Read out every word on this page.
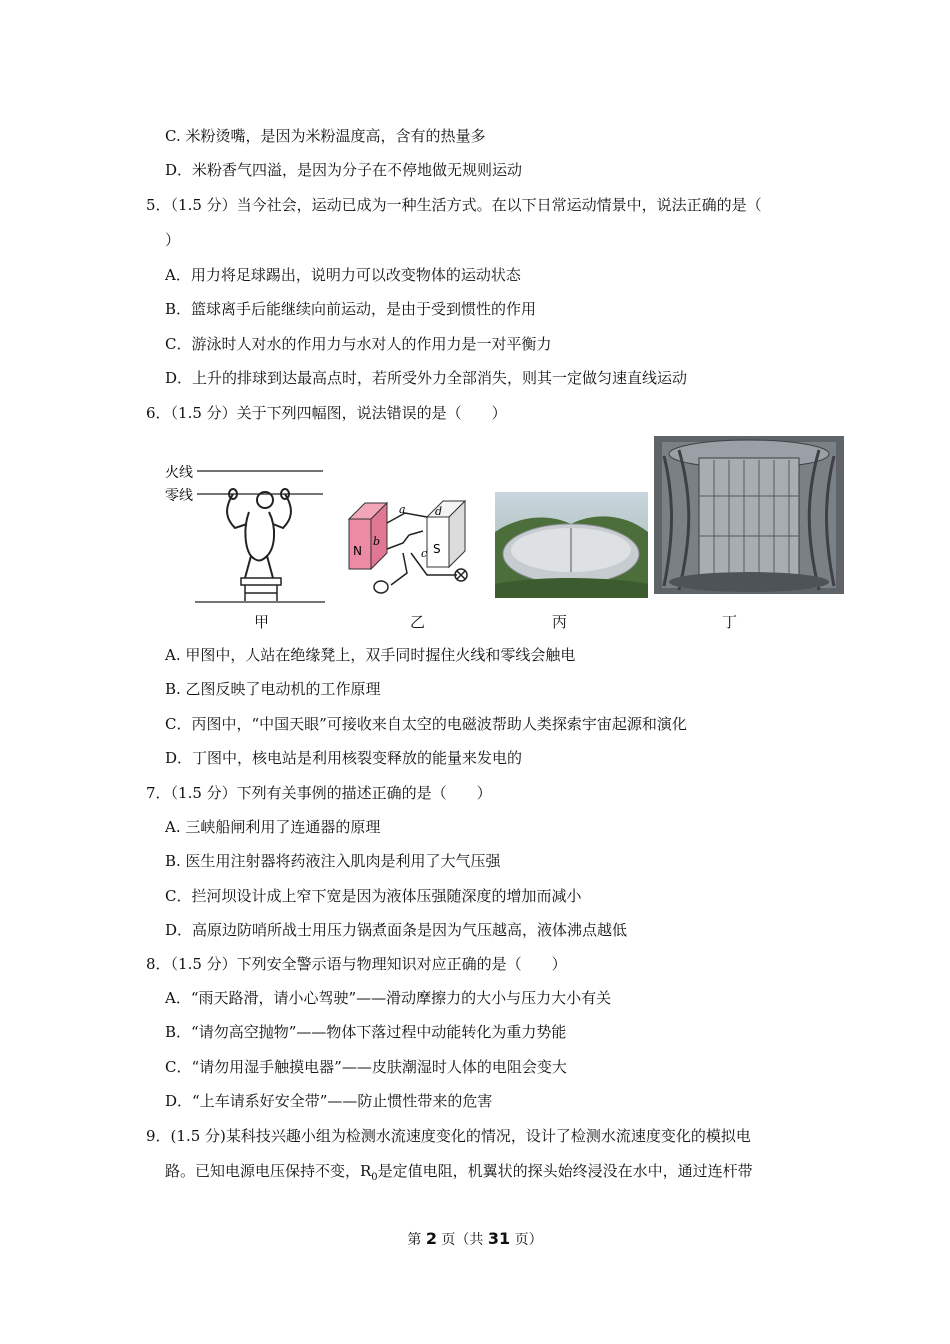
C. 米粉烫嘴，是因为米粉温度高，含有的热量多
D．米粉香气四溢，是因为分子在不停地做无规则运动
5．（1.5 分）当今社会，运动已成为一种生活方式。在以下日常运动情景中，说法正确的是（
）
A．用力将足球踢出，说明力可以改变物体的运动状态
B．篮球离手后能继续向前运动，是由于受到惯性的作用
C．游泳时人对水的作用力与水对人的作用力是一对平衡力
D．上升的排球到达最高点时，若所受外力全部消失，则其一定做匀速直线运动
6．（1.5 分）关于下列四幅图，说法错误的是（　　）
火线
零线
甲
N	S
a	d
b
c
乙	丙	丁
A. 甲图中，人站在绝缘凳上，双手同时握住火线和零线会触电
B. 乙图反映了电动机的工作原理
C．丙图中，“中国天眼”可接收来自太空的电磁波帮助人类探索宇宙起源和演化
D．丁图中，核电站是利用核裂变释放的能量来发电的
7．（1.5 分）下列有关事例的描述正确的是（　　）
A. 三峡船闸利用了连通器的原理
B. 医生用注射器将药液注入肌肉是利用了大气压强
C．拦河坝设计成上窄下宽是因为液体压强随深度的增加而减小
D．高原边防哨所战士用压力锅煮面条是因为气压越高，液体沸点越低
8．（1.5 分）下列安全警示语与物理知识对应正确的是（　　）
A．“雨天路滑，请小心驾驶”——滑动摩擦力的大小与压力大小有关
B．“请勿高空抛物”——物体下落过程中动能转化为重力势能
C．“请勿用湿手触摸电器”——皮肤潮湿时人体的电阻会变大
D．“上车请系好安全带”——防止惯性带来的危害
9．(1.5 分)某科技兴趣小组为检测水流速度变化的情况，设计了检测水流速度变化的模拟电
路。已知电源电压保持不变，$R_0$是定值电阻，机翼状的探头始终浸没在水中，通过连杆带
第 2 页（共 31 页）
